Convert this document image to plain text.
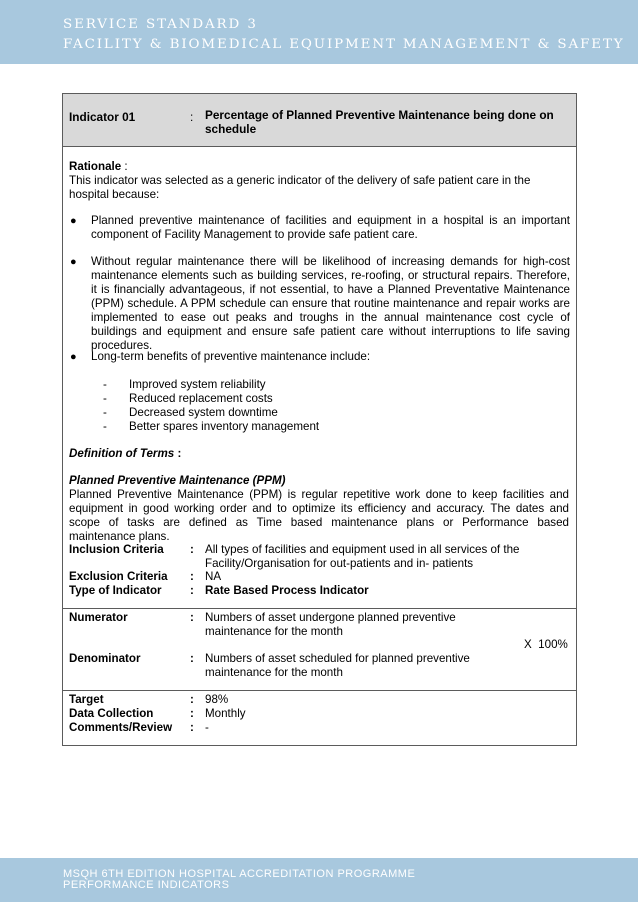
SERVICE STANDARD 3
FACILITY & BIOMEDICAL EQUIPMENT MANAGEMENT & SAFETY
Indicator 01	: Percentage of Planned Preventive Maintenance being done on schedule
Rationale :
This indicator was selected as a generic indicator of the delivery of safe patient care in the hospital because:
● Planned preventive maintenance of facilities and equipment in a hospital is an important component of Facility Management to provide safe patient care.
● Without regular maintenance there will be likelihood of increasing demands for high-cost maintenance elements such as building services, re-roofing, or structural repairs. Therefore, it is financially advantageous, if not essential, to have a Planned Preventative Maintenance (PPM) schedule. A PPM schedule can ensure that routine maintenance and repair works are implemented to ease out peaks and troughs in the annual maintenance cost cycle of buildings and equipment and ensure safe patient care without interruptions to life saving procedures.
● Long-term benefits of preventive maintenance include:
- Improved system reliability
- Reduced replacement costs
- Decreased system downtime
- Better spares inventory management
Definition of Terms :
Planned Preventive Maintenance (PPM)
Planned Preventive Maintenance (PPM) is regular repetitive work done to keep facilities and equipment in good working order and to optimize its efficiency and accuracy. The dates and scope of tasks are defined as Time based maintenance plans or Performance based maintenance plans.
Inclusion Criteria : All types of facilities and equipment used in all services of the Facility/Organisation for out-patients and in- patients
Exclusion Criteria : NA
Type of Indicator : Rate Based Process Indicator
Numerator	: Numbers of asset undergone planned preventive maintenance for the month
X  100%
Denominator	: Numbers of asset scheduled for planned preventive maintenance for the month
Target	: 98%
Data Collection	: Monthly
Comments/Review : -
MSQH 6TH EDITION HOSPITAL ACCREDITATION PROGRAMME
PERFORMANCE INDICATORS
